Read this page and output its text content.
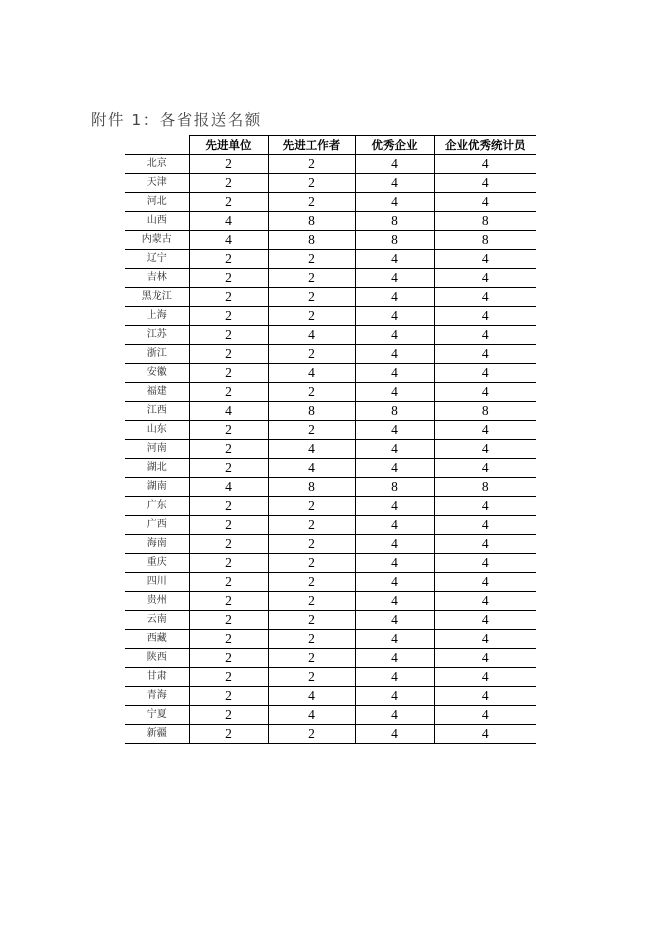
附件 1：各省报送名额
	先进单位	先进工作者	优秀企业	企业优秀统计员
北京	2	2	4	4
天津	2	2	4	4
河北	2	2	4	4
山西	4	8	8	8
内蒙古	4	8	8	8
辽宁	2	2	4	4
吉林	2	2	4	4
黑龙江	2	2	4	4
上海	2	2	4	4
江苏	2	4	4	4
浙江	2	2	4	4
安徽	2	4	4	4
福建	2	2	4	4
江西	4	8	8	8
山东	2	2	4	4
河南	2	4	4	4
湖北	2	4	4	4
湖南	4	8	8	8
广东	2	2	4	4
广西	2	2	4	4
海南	2	2	4	4
重庆	2	2	4	4
四川	2	2	4	4
贵州	2	2	4	4
云南	2	2	4	4
西藏	2	2	4	4
陕西	2	2	4	4
甘肃	2	2	4	4
青海	2	4	4	4
宁夏	2	4	4	4
新疆	2	2	4	4
